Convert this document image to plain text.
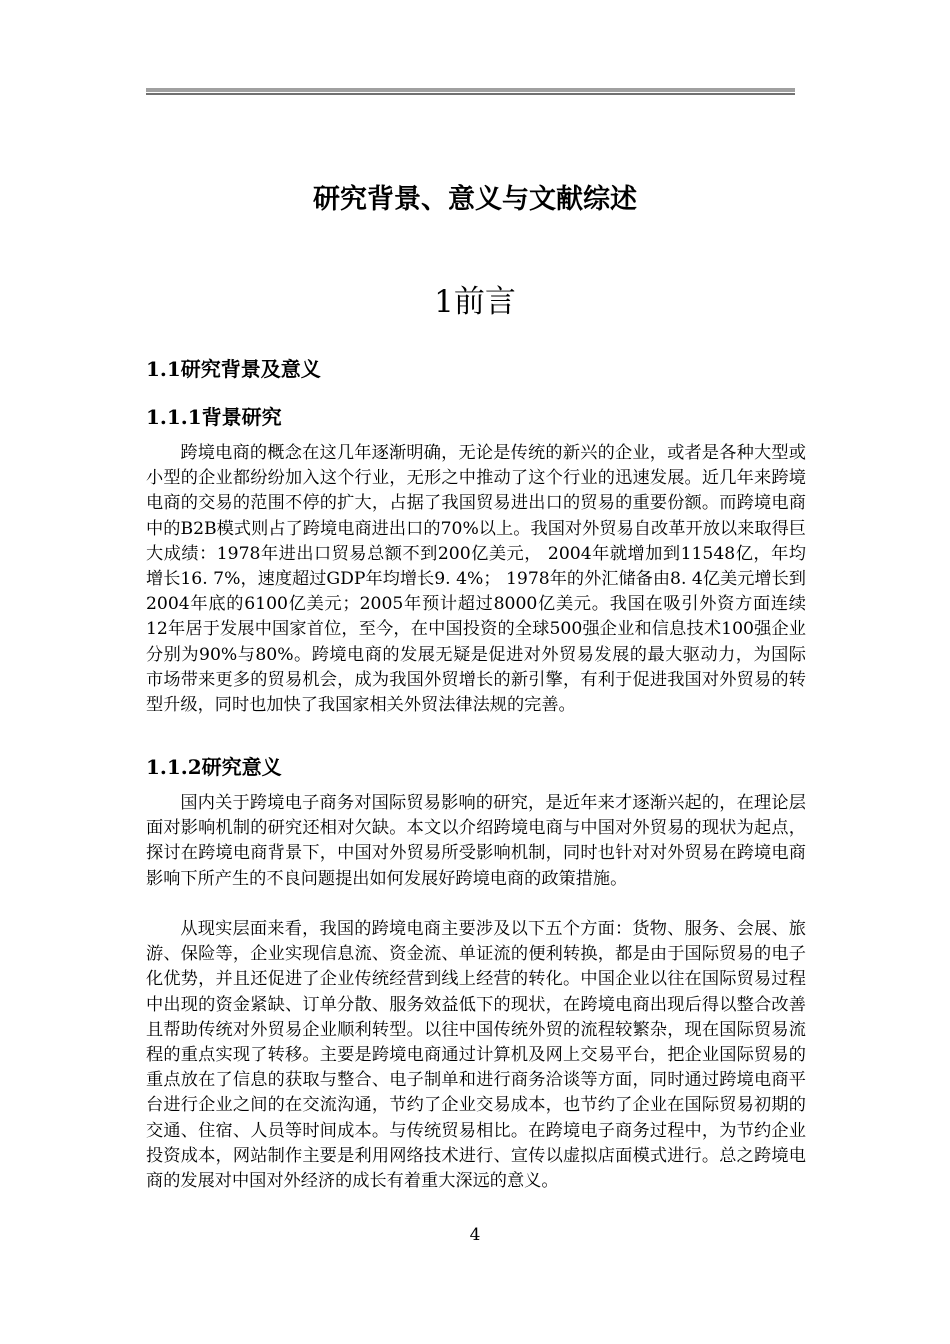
研究背景、意义与文献综述
1前言
1.1研究背景及意义
1.1.1背景研究

跨境电商的概念在这几年逐渐明确，无论是传统的新兴的企业，或者是各种大型或小型的企业都纷纷加入这个行业，无形之中推动了这个行业的迅速发展。近几年来跨境电商的交易的范围不停的扩大，占据了我国贸易进出口的贸易的重要份额。而跨境电商中的B2B模式则占了跨境电商进出口的70%以上。我国对外贸易自改革开放以来取得巨大成绩：1978年进出口贸易总额不到200亿美元， 2004年就增加到11548亿，年均增长16. 7%，速度超过GDP年均增长9. 4%； 1978年的外汇储备由8. 4亿美元增长到2004年底的6100亿美元；2005年预计超过8000亿美元。我国在吸引外资方面连续12年居于发展中国家首位，至今，在中国投资的全球500强企业和信息技术100强企业分别为90%与80%。跨境电商的发展无疑是促进对外贸易发展的最大驱动力，为国际市场带来更多的贸易机会，成为我国外贸增长的新引擎，有利于促进我国对外贸易的转型升级，同时也加快了我国家相关外贸法律法规的完善。

1.1.2研究意义

国内关于跨境电子商务对国际贸易影响的研究，是近年来才逐渐兴起的，在理论层面对影响机制的研究还相对欠缺。本文以介绍跨境电商与中国对外贸易的现状为起点，探讨在跨境电商背景下，中国对外贸易所受影响机制，同时也针对对外贸易在跨境电商影响下所产生的不良问题提出如何发展好跨境电商的政策措施。

从现实层面来看，我国的跨境电商主要涉及以下五个方面：货物、服务、会展、旅游、保险等，企业实现信息流、资金流、单证流的便利转换，都是由于国际贸易的电子化优势，并且还促进了企业传统经营到线上经营的转化。中国企业以往在国际贸易过程中出现的资金紧缺、订单分散、服务效益低下的现状，在跨境电商出现后得以整合改善且帮助传统对外贸易企业顺利转型。以往中国传统外贸的流程较繁杂，现在国际贸易流程的重点实现了转移。主要是跨境电商通过计算机及网上交易平台，把企业国际贸易的重点放在了信息的获取与整合、电子制单和进行商务洽谈等方面，同时通过跨境电商平台进行企业之间的在交流沟通，节约了企业交易成本，也节约了企业在国际贸易初期的交通、住宿、人员等时间成本。与传统贸易相比。在跨境电子商务过程中，为节约企业投资成本，网站制作主要是利用网络技术进行、宣传以虚拟店面模式进行。总之跨境电商的发展对中国对外经济的成长有着重大深远的意义。

4
